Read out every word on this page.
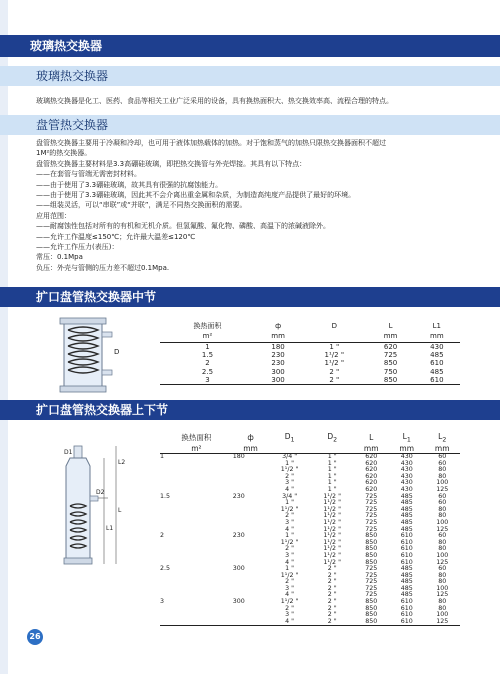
玻璃热交换器
玻璃热交换器
玻璃热交换器是化工、医药、食品等相关工业广泛采用的设备，具有换热面积大、热交换效率高、流程合理的特点。
盘管热交换器
盘管热交换器主要用于冷凝和冷却，也可用于液体加热载体的加热。对于饱和蒸气的加热只限热交换器面积不超过
1M²的热交换器。
盘管热交换器主要材料是3.3高硼硅玻璃，即把热交换管与外壳焊接。其具有以下特点：
——在套管与管端无需密封材料。
——由于使用了3.3硼硅玻璃，故其具有很强的抗腐蚀能力。
——由于使用了3.3硼硅玻璃，因此其不会介离出重金属和杂质，为制造高纯度产品提供了最好的环境。
——组装灵活，可以“串联”或“并联”，满足不同热交换面积的需要。
应用范围：
——耐腐蚀性包括对所有的有机和无机介质。但氢氟酸、氟化物、磷酸、高温下的浓碱液除外。
——允许工作温度≤150℃；允许最大温差≤120℃
——允许工作压力(表压)：
常压：0.1Mpa
负压：外壳与管侧的压力差不超过0.1Mpa.
扩口盘管热交换器中节
D
换热面积	ф	D	L	L1
m²	mm		mm	mm
1	180	1 "	620	430
1.5	230	1¹/2 "	725	485
2	230	1¹/2 "	850	610
2.5	300	2 "	750	485
3	300	2 "	850	610
扩口盘管热交换器上下节
D1
D2
L2
L
L1
换热面积	ф	$D_1$	$D_2$	L	$L_1$	$L_2$
m²	mm			mm	mm	mm
1	180	3/4 "	1 "	620	430	60
		1 "	1 "	620	430	60
		1¹/2 "	1 "	620	430	80
		2 "	1 "	620	430	80
		3 "	1 "	620	430	100
		4 "	1 "	620	430	125
1.5	230	3/4 "	1¹/2 "	725	485	60
		1 "	1¹/2 "	725	485	60
		1¹/2 "	1¹/2 "	725	485	80
		2 "	1¹/2 "	725	485	80
		3 "	1¹/2 "	725	485	100
		4 "	1¹/2 "	725	485	125
2	230	1 "	1¹/2 "	850	610	60
		1¹/2 "	1¹/2 "	850	610	80
		2 "	1¹/2 "	850	610	80
		3 "	1¹/2 "	850	610	100
		4 "	1¹/2 "	850	610	125
2.5	300	1 "	2 "	725	485	60
		1¹/2 "	2 "	725	485	80
		2 "	2 "	725	485	80
		3 "	2 "	725	485	100
		4 "	2 "	725	485	125
3	300	1¹/2 "	2 "	850	610	80
		2 "	2 "	850	610	80
		3 "	2 "	850	610	100
		4 "	2 "	850	610	125
26
